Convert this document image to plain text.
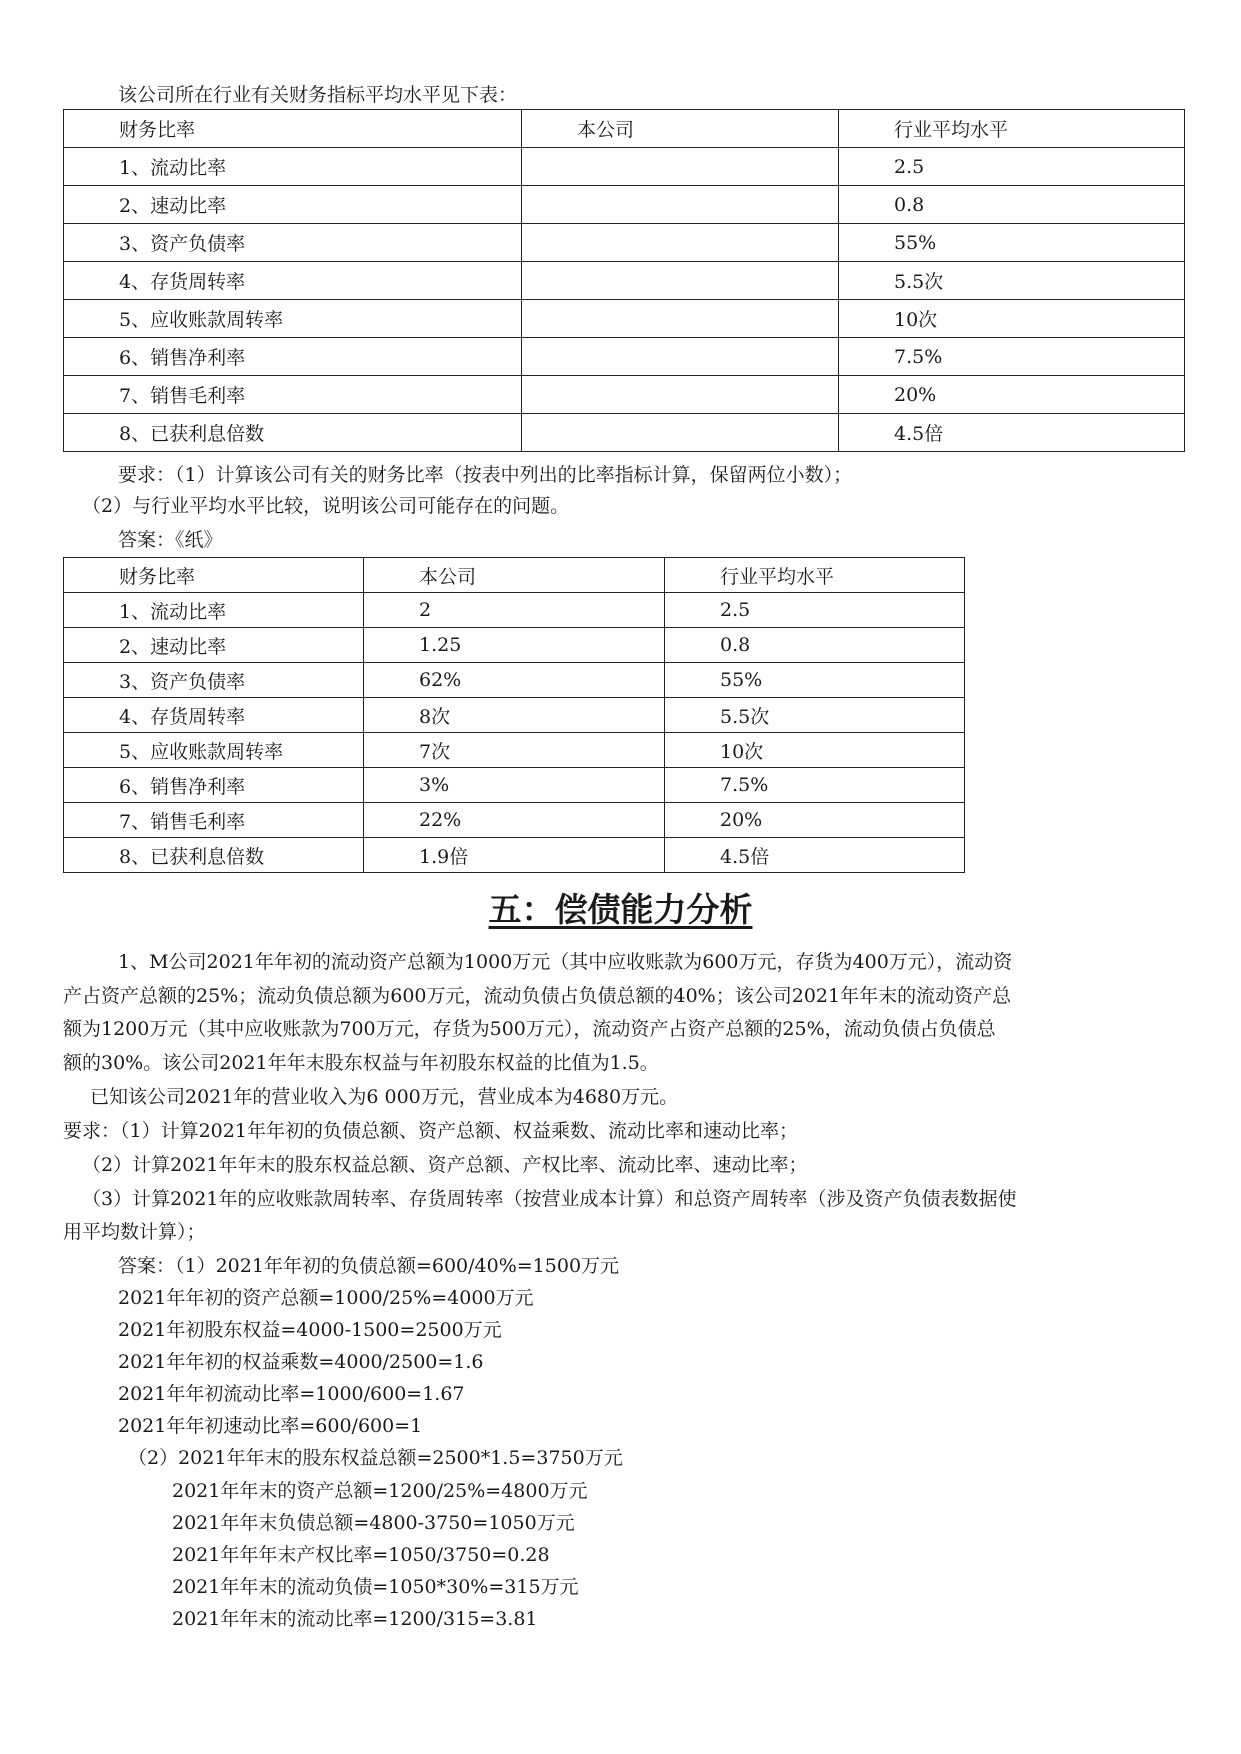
该公司所在行业有关财务指标平均水平见下表：
财务比率	本公司	行业平均水平
1、流动比率		2.5
2、速动比率		0.8
3、资产负债率		55%
4、存货周转率		5.5次
5、应收账款周转率		10次
6、销售净利率		7.5%
7、销售毛利率		20%
8、已获利息倍数		4.5倍
要求：（1）计算该公司有关的财务比率（按表中列出的比率指标计算，保留两位小数）；
（2）与行业平均水平比较，说明该公司可能存在的问题。
答案：《纸》
财务比率	本公司	行业平均水平
1、流动比率	2	2.5
2、速动比率	1.25	0.8
3、资产负债率	62%	55%
4、存货周转率	8次	5.5次
5、应收账款周转率	7次	10次
6、销售净利率	3%	7.5%
7、销售毛利率	22%	20%
8、已获利息倍数	1.9倍	4.5倍
五：偿债能力分析
1、M公司2021年年初的流动资产总额为1000万元（其中应收账款为600万元，存货为400万元），流动资
产占资产总额的25%；流动负债总额为600万元，流动负债占负债总额的40%；该公司2021年年末的流动资产总
额为1200万元（其中应收账款为700万元，存货为500万元），流动资产占资产总额的25%，流动负债占负债总
额的30%。该公司2021年年末股东权益与年初股东权益的比值为1.5。
已知该公司2021年的营业收入为6 000万元，营业成本为4680万元。
要求：（1）计算2021年年初的负债总额、资产总额、权益乘数、流动比率和速动比率；
（2）计算2021年年末的股东权益总额、资产总额、产权比率、流动比率、速动比率；
（3）计算2021年的应收账款周转率、存货周转率（按营业成本计算）和总资产周转率（涉及资产负债表数据使
用平均数计算）；
答案：（1）2021年年初的负债总额=600/40%=1500万元
2021年年初的资产总额=1000/25%=4000万元
2021年初股东权益=4000-1500=2500万元
2021年年初的权益乘数=4000/2500=1.6
2021年年初流动比率=1000/600=1.67
2021年年初速动比率=600/600=1
（2）2021年年末的股东权益总额=2500*1.5=3750万元
2021年年末的资产总额=1200/25%=4800万元
2021年年末负债总额=4800-3750=1050万元
2021年年年末产权比率=1050/3750=0.28
2021年年末的流动负债=1050*30%=315万元
2021年年末的流动比率=1200/315=3.81
